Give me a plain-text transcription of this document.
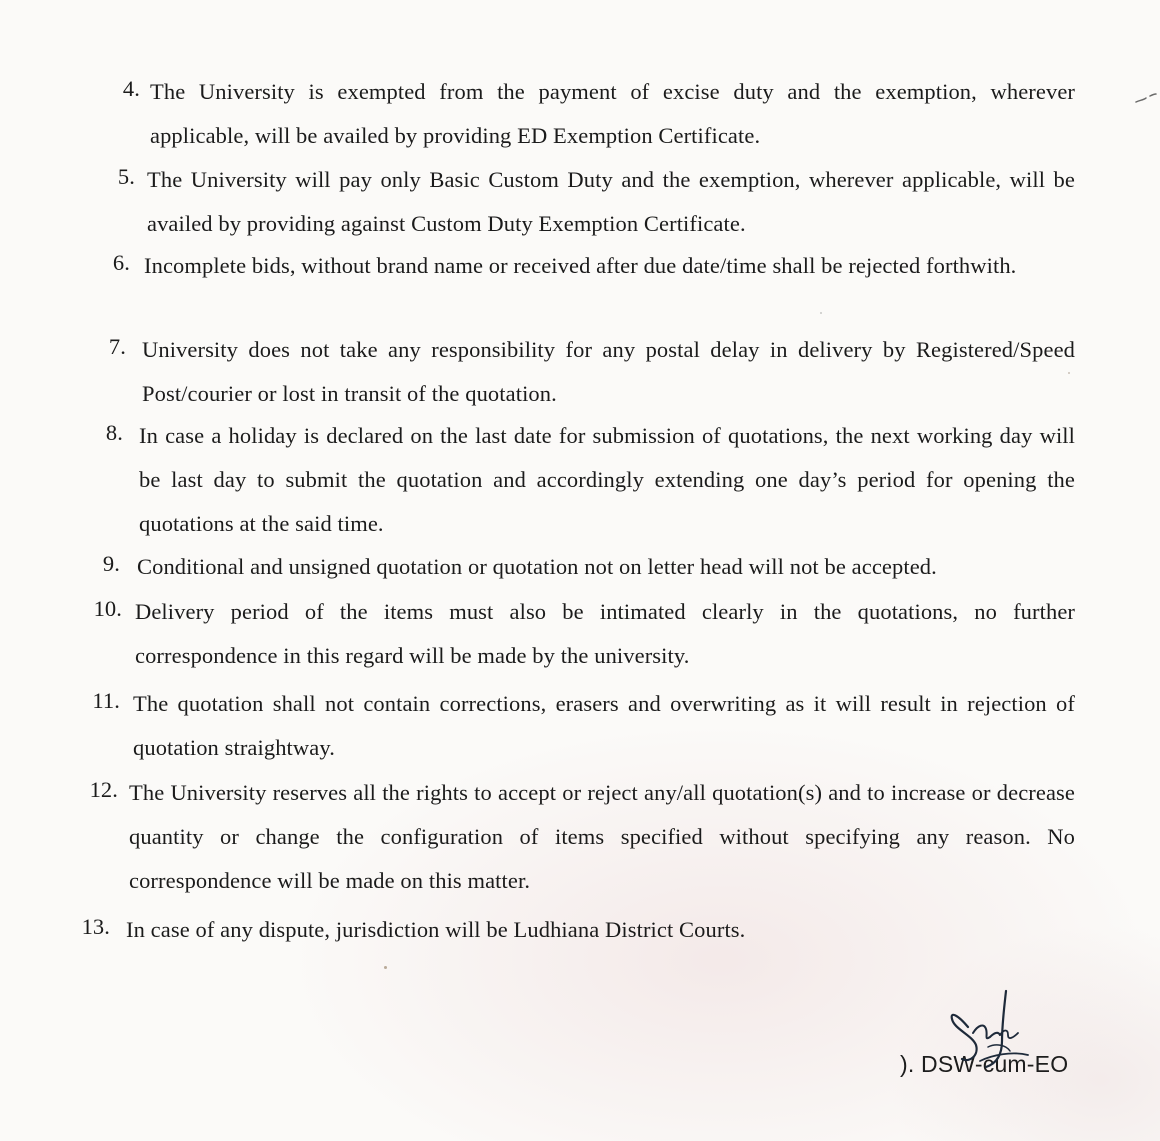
4. The University is exempted from the payment of excise duty and the exemption, wherever applicable, will be availed by providing ED Exemption Certificate.
5. The University will pay only Basic Custom Duty and the exemption, wherever applicable, will be availed by providing against Custom Duty Exemption Certificate.
6. Incomplete bids, without brand name or received after due date/time shall be rejected forthwith.
7. University does not take any responsibility for any postal delay in delivery by Registered/Speed Post/courier or lost in transit of the quotation.
8. In case a holiday is declared on the last date for submission of quotations, the next working day will be last day to submit the quotation and accordingly extending one day’s period for opening the quotations at the said time.
9. Conditional and unsigned quotation or quotation not on letter head will not be accepted.
10. Delivery period of the items must also be intimated clearly in the quotations, no further correspondence in this regard will be made by the university.
11. The quotation shall not contain corrections, erasers and overwriting as it will result in rejection of quotation straightway.
12. The University reserves all the rights to accept or reject any/all quotation(s) and to increase or decrease quantity or change the configuration of items specified without specifying any reason. No correspondence will be made on this matter.
13. In case of any dispute, jurisdiction will be Ludhiana District Courts.
). DSW-cum-EO
